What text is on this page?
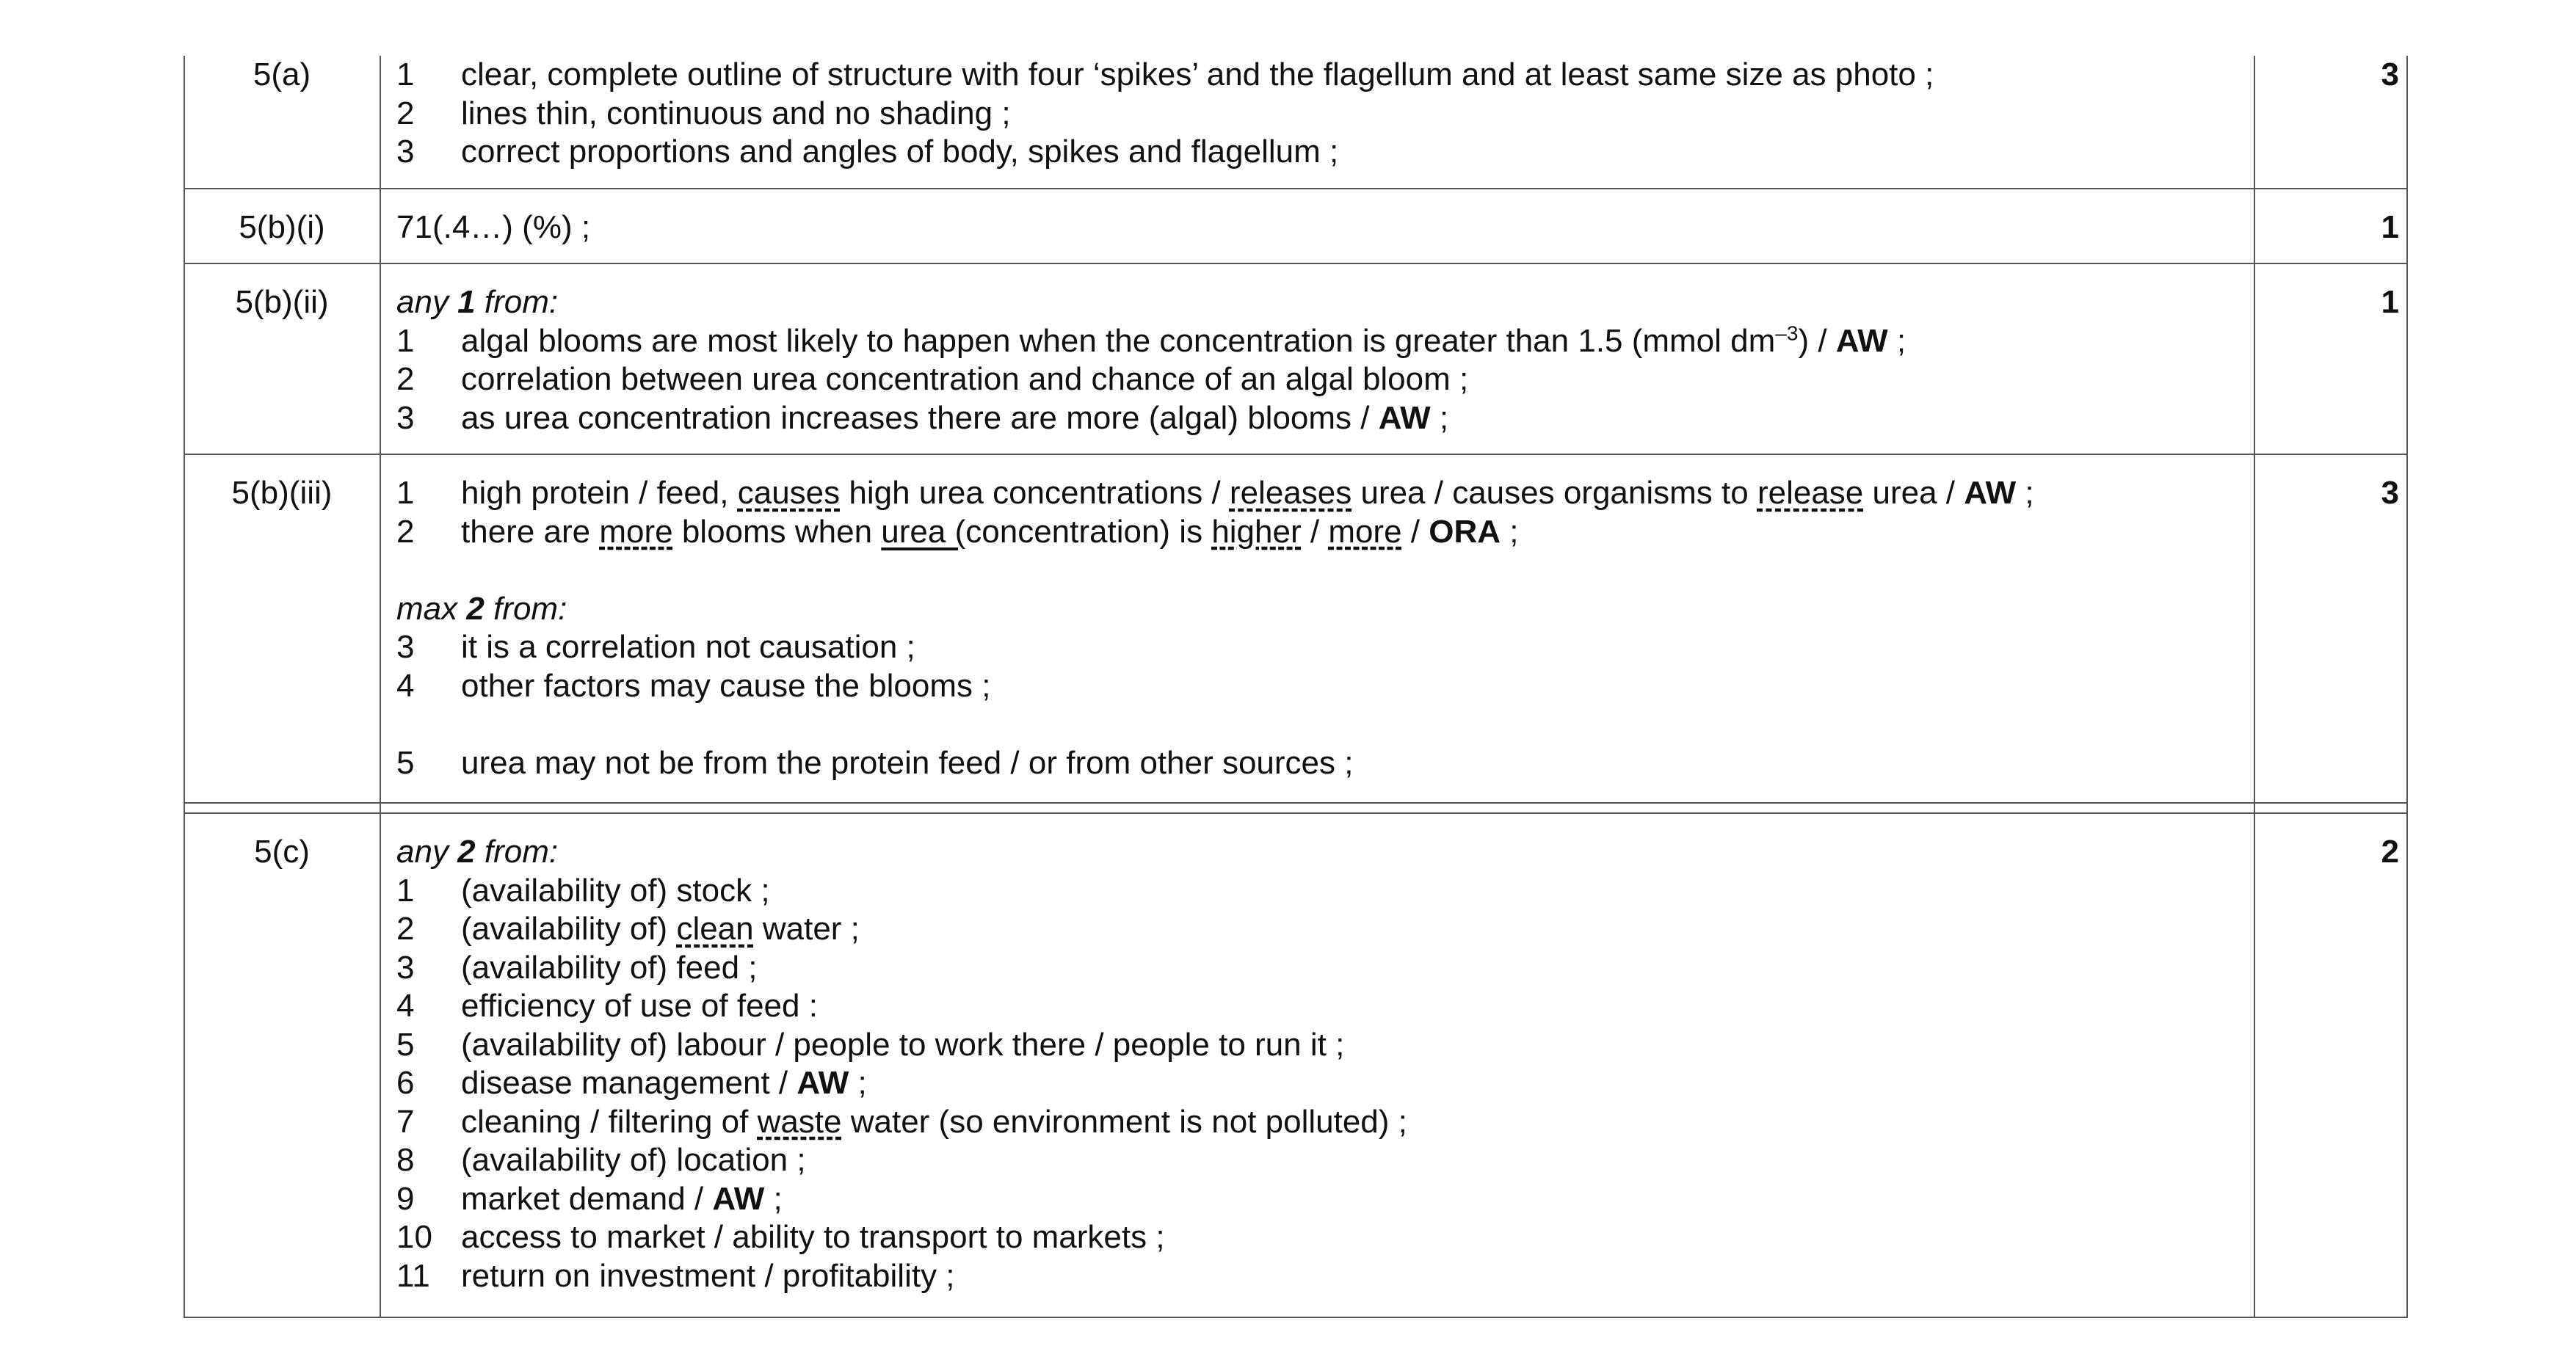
5(a)	3
1 clear, complete outline of structure with four ‘spikes’ and the flagellum and at least same size as photo ;
2 lines thin, continuous and no shading ;
3 correct proportions and angles of body, spikes and flagellum ;
5(b)(i)	1
71(.4…) (%) ;
5(b)(ii)	1
any 1 from:
1 algal blooms are most likely to happen when the concentration is greater than 1.5 (mmol $dm^{-3}$) / AW ;
2 correlation between urea concentration and chance of an algal bloom ;
3 as urea concentration increases there are more (algal) blooms / AW ;
5(b)(iii)	3
1 high protein / feed, causes high urea concentrations / releases urea / causes organisms to release urea / AW ;
2 there are more blooms when urea (concentration) is higher / more / ORA ;
max 2 from:
3 it is a correlation not causation ;
4 other factors may cause the blooms ;
5 urea may not be from the protein feed / or from other sources ;
5(c)	2
any 2 from:
1 (availability of) stock ;
2 (availability of) clean water ;
3 (availability of) feed ;
4 efficiency of use of feed :
5 (availability of) labour / people to work there / people to run it ;
6 disease management / AW ;
7 cleaning / filtering of waste water (so environment is not polluted) ;
8 (availability of) location ;
9 market demand / AW ;
10 access to market / ability to transport to markets ;
11 return on investment / profitability ;
